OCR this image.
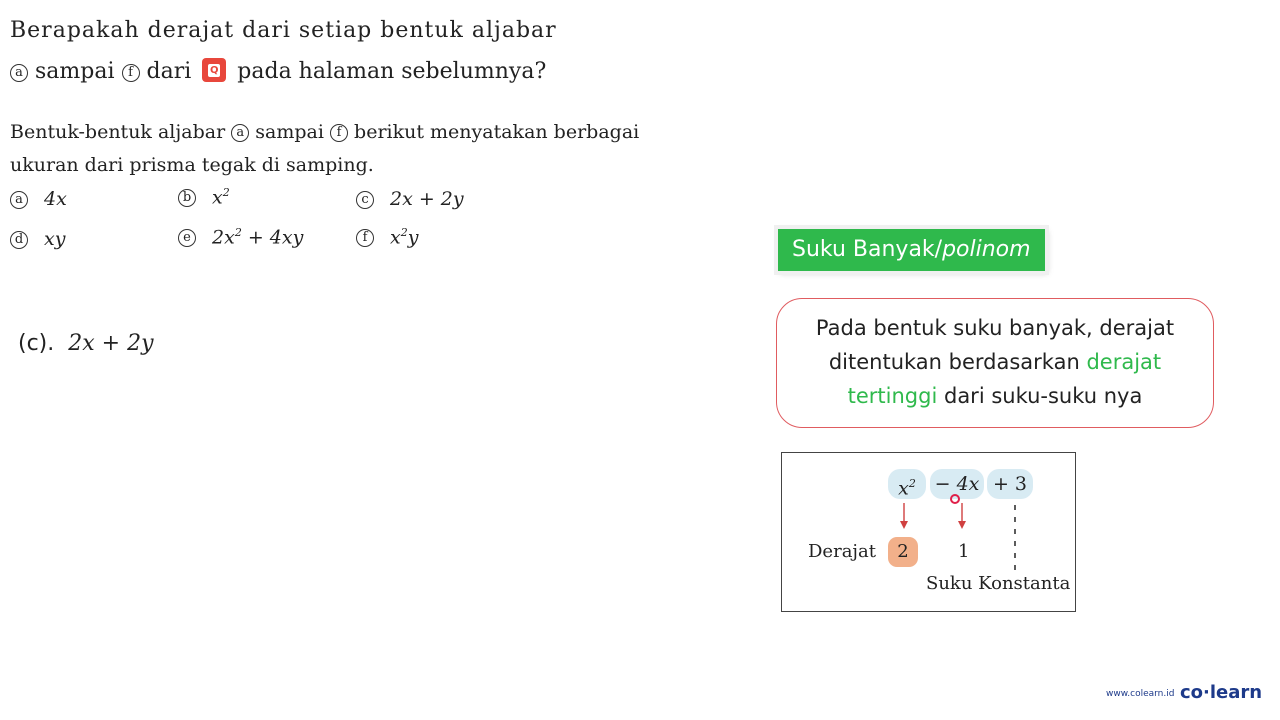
Berapakah derajat dari setiap bentuk aljabar
a sampai f dari Q pada halaman sebelumnya?
Bentuk-bentuk aljabar a sampai f berikut menyatakan berbagai
ukuran dari prisma tegak di samping.
a 4x	b $x^2$	c 2x + 2y
d xy	e $2x^2 + 4xy$	f $x^2y$
(c). 2x + 2y
Suku Banyak/polinom
Pada bentuk suku banyak, derajat
ditentukan berdasarkan derajat
tertinggi dari suku-suku nya
$x^2 - 4x + 3$
Derajat	2	1
Suku Konstanta
www.colearn.id co·learn
